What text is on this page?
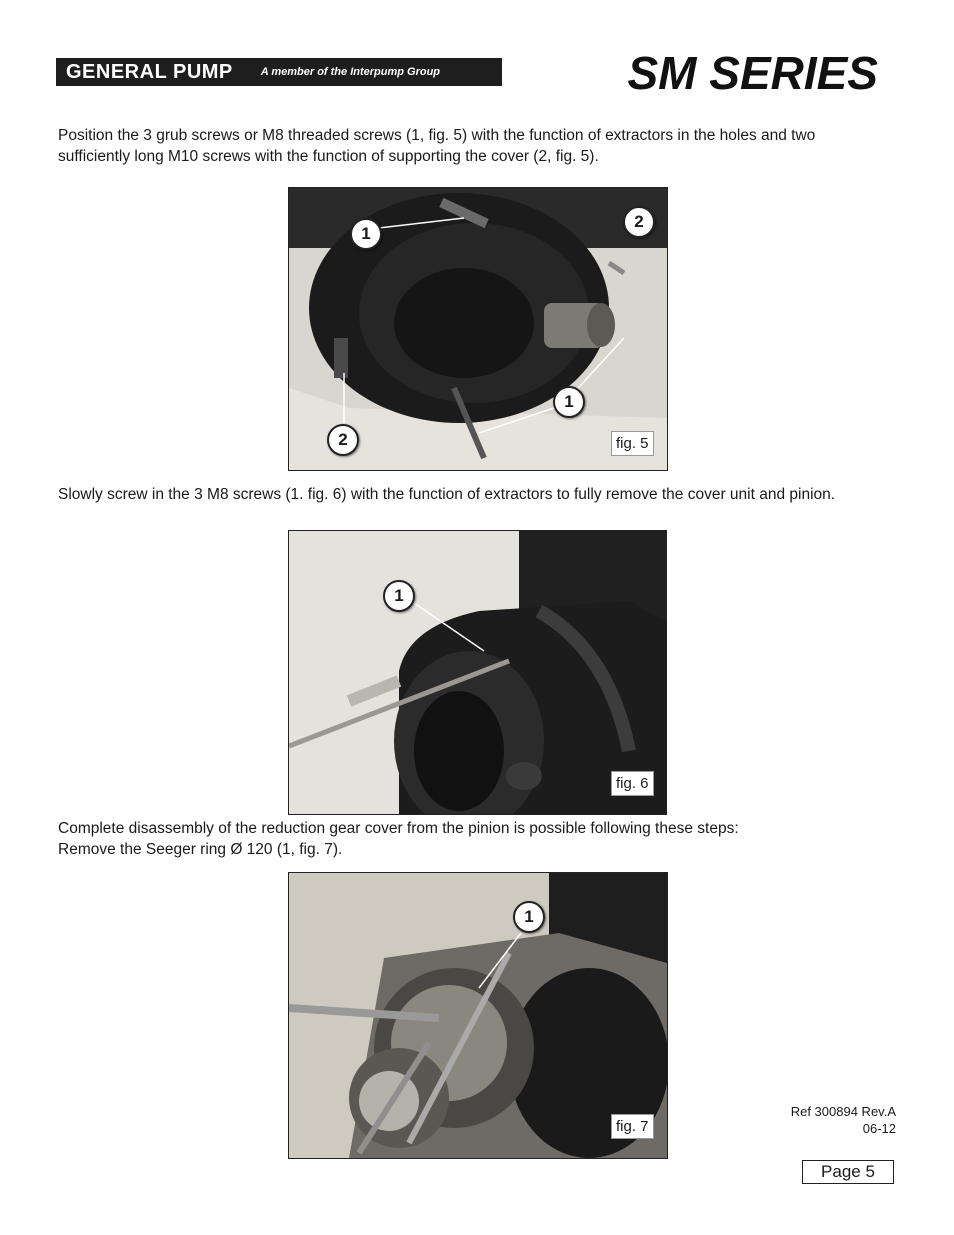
GENERAL PUMP	A member of the Interpump Group	SM SERIES

Position the 3 grub screws or M8 threaded screws (1, fig. 5) with the function of extractors in the holes and two sufficiently long M10 screws with the function of supporting the cover (2, fig. 5).

1
2
1
2	fig. 5

Slowly screw in the 3 M8 screws (1. fig. 6) with the function of extractors to fully remove the cover unit and pinion.

1
fig. 6

Complete disassembly of the reduction gear cover from the pinion is possible following these steps:

Remove the Seeger ring Ø 120 (1, fig. 7).

1
fig. 7
Ref 300894 Rev.A
06-12
Page 5
